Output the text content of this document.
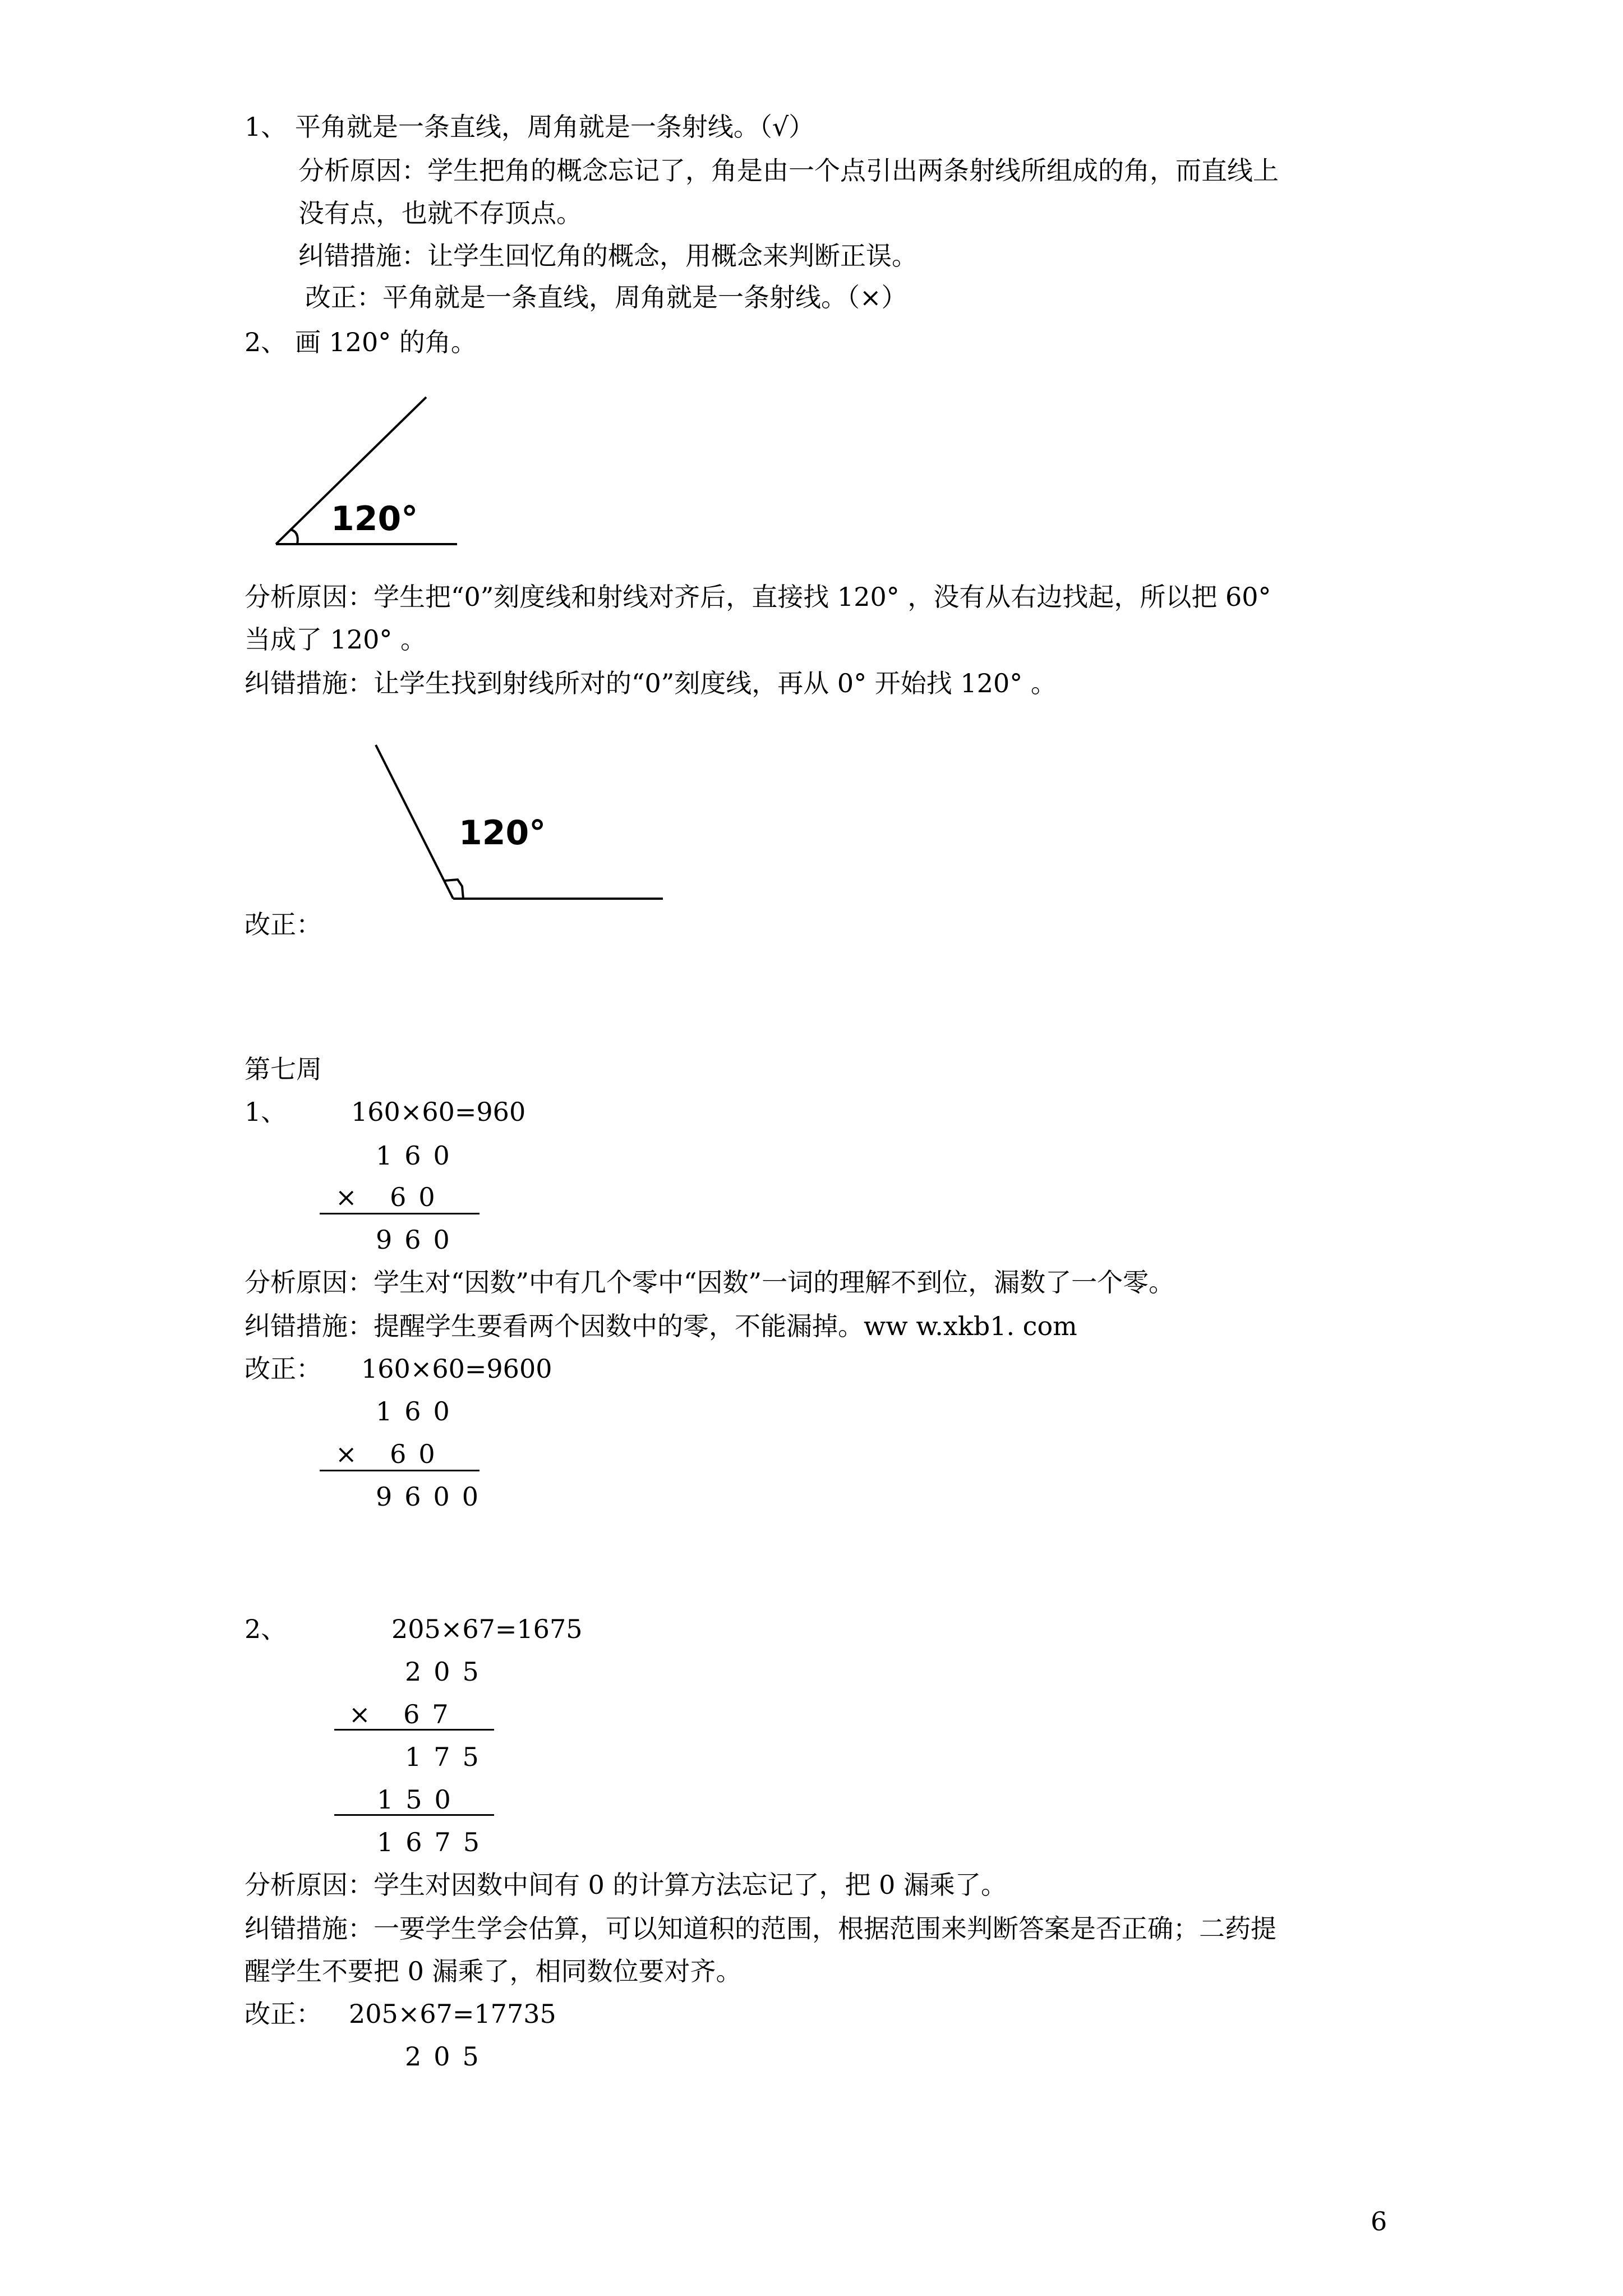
1、 平角就是一条直线，周角就是一条射线。（√）

分析原因：学生把角的概念忘记了，角是由一个点引出两条射线所组成的角，而直线上

没有点，也就不存顶点。

纠错措施：让学生回忆角的概念，用概念来判断正误。

改正：平角就是一条直线，周角就是一条射线。（×）

2、 画 120° 的角。

120°

分析原因：学生把“0”刻度线和射线对齐后，直接找 120° ，没有从右边找起，所以把 60°

当成了 120° 。

纠错措施：让学生找到射线所对的“0”刻度线，再从 0° 开始找 120° 。

120°

改正：

第七周

1、 160×60=960

160
× 60
960

分析原因：学生对“因数”中有几个零中“因数”一词的理解不到位，漏数了一个零。

纠错措施：提醒学生要看两个因数中的零，不能漏掉。ww w.xkb1. com

改正： 160×60=9600

160
× 60
9600

2、	205×67=1675

205
× 67
175
150
1675

分析原因：学生对因数中间有 0 的计算方法忘记了，把 0 漏乘了。

纠错措施：一要学生学会估算，可以知道积的范围，根据范围来判断答案是否正确；二药提

醒学生不要把 0 漏乘了，相同数位要对齐。

改正： 205×67=17735

205

6
